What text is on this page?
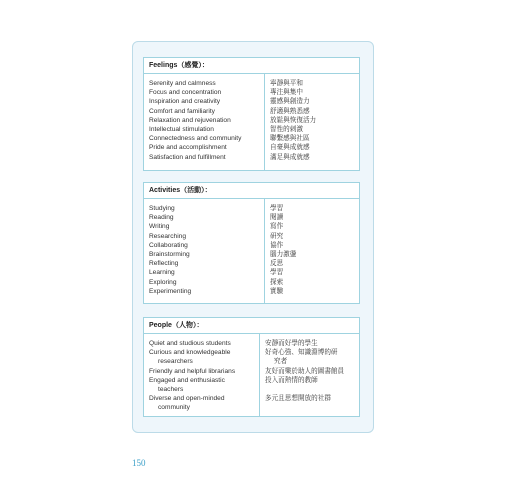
Feelings（感覺）：
Serenity and calmness
Focus and concentration
Inspiration and creativity
Comfort and familiarity
Relaxation and rejuvenation
Intellectual stimulation
Connectedness and community
Pride and accomplishment
Satisfaction and fulfillment
寧靜與平和
專注與集中
靈感與創造力
舒適與熟悉感
放鬆與恢復活力
智性的刺激
聯繫感與社區
自豪與成就感
滿足與成就感
Activities（活動）：
Studying
Reading
Writing
Researching
Collaborating
Brainstorming
Reflecting
Learning
Exploring
Experimenting
學習
閱讀
寫作
研究
協作
腦力激盪
反思
學習
探索
實驗
People（人物）：
Quiet and studious students
Curious and knowledgeable
researchers
Friendly and helpful librarians
Engaged and enthusiastic
teachers
Diverse and open-minded
community
安靜而好學的學生
好奇心強、知識淵博的研
究者
友好而樂於助人的圖書館員
投入而熱情的教師

多元且思想開放的社群

150
